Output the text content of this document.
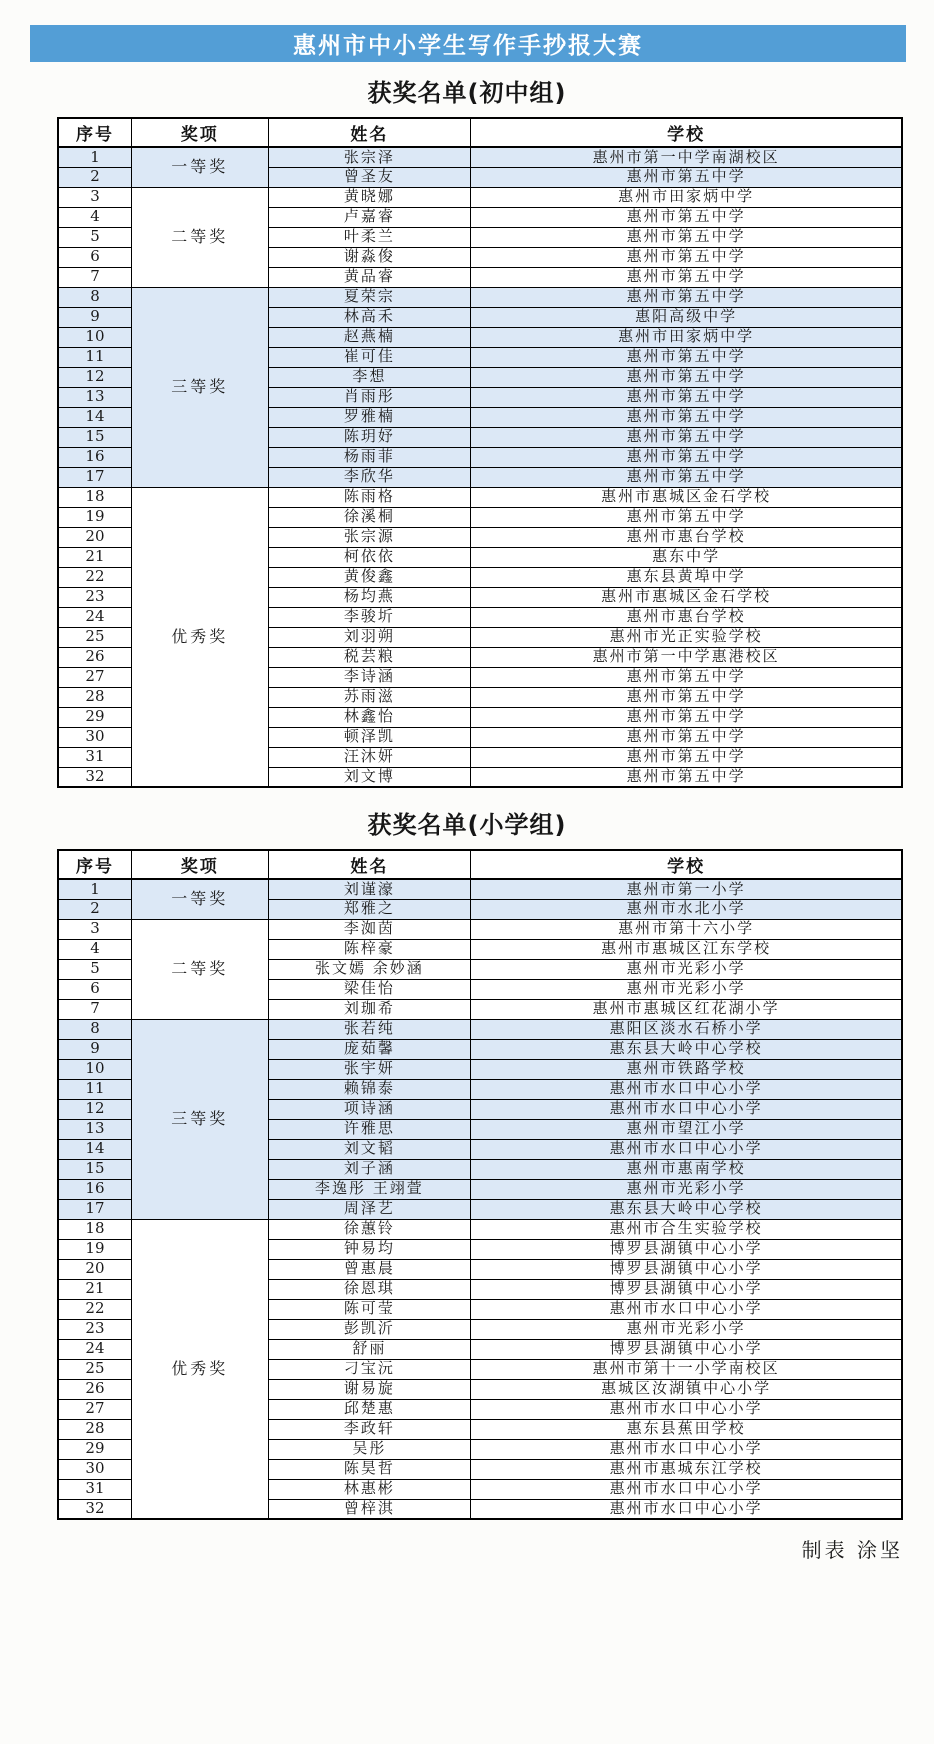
惠州市中小学生写作手抄报大赛
获奖名单(初中组)
序号	奖项	姓名	学校
1	一等奖	张宗泽	惠州市第一中学南湖校区
2		曾圣友	惠州市第五中学
3	二等奖	黄晓娜	惠州市田家炳中学
4		卢嘉睿	惠州市第五中学
5		叶柔兰	惠州市第五中学
6		谢淼俊	惠州市第五中学
7		黄品睿	惠州市第五中学
8	三等奖	夏荣宗	惠州市第五中学
9		林高禾	惠阳高级中学
10		赵燕楠	惠州市田家炳中学
11		崔可佳	惠州市第五中学
12		李想	惠州市第五中学
13		肖雨彤	惠州市第五中学
14		罗雅楠	惠州市第五中学
15		陈玥妤	惠州市第五中学
16		杨雨菲	惠州市第五中学
17		李欣华	惠州市第五中学
18	优秀奖	陈雨格	惠州市惠城区金石学校
19		徐溪桐	惠州市第五中学
20		张宗源	惠州市惠台学校
21		柯依依	惠东中学
22		黄俊鑫	惠东县黄埠中学
23		杨均燕	惠州市惠城区金石学校
24		李骏圻	惠州市惠台学校
25		刘羽朔	惠州市光正实验学校
26		税芸粮	惠州市第一中学惠港校区
27		李诗涵	惠州市第五中学
28		苏雨滋	惠州市第五中学
29		林鑫怡	惠州市第五中学
30		顿泽凯	惠州市第五中学
31		汪沐妍	惠州市第五中学
32		刘文博	惠州市第五中学
获奖名单(小学组)
序号	奖项	姓名	学校
1	一等奖	刘谨濠	惠州市第一小学
2		郑雅之	惠州市水北小学
3	二等奖	李洳茵	惠州市第十六小学
4		陈梓豪	惠州市惠城区江东学校
5		张文嫣 余妙涵	惠州市光彩小学
6		梁佳怡	惠州市光彩小学
7		刘珈希	惠州市惠城区红花湖小学
8	三等奖	张若纯	惠阳区淡水石桥小学
9		庞茹馨	惠东县大岭中心学校
10		张宇妍	惠州市铁路学校
11		赖锦泰	惠州市水口中心小学
12		项诗涵	惠州市水口中心小学
13		许雅思	惠州市望江小学
14		刘文韬	惠州市水口中心小学
15		刘子涵	惠州市惠南学校
16		李逸彤 王翊萱	惠州市光彩小学
17		周泽艺	惠东县大岭中心学校
18	优秀奖	徐蕙铃	惠州市合生实验学校
19		钟易均	博罗县湖镇中心小学
20		曾惠晨	博罗县湖镇中心小学
21		徐恩琪	博罗县湖镇中心小学
22		陈可莹	惠州市水口中心小学
23		彭凯沂	惠州市光彩小学
24		舒丽	博罗县湖镇中心小学
25		刁宝沅	惠州市第十一小学南校区
26		谢易旋	惠城区汝湖镇中心小学
27		邱楚惠	惠州市水口中心小学
28		李政轩	惠东县蕉田学校
29		吴彤	惠州市水口中心小学
30		陈昊哲	惠州市惠城东江学校
31		林惠彬	惠州市水口中心小学
32		曾梓淇	惠州市水口中心小学
制表 涂坚
